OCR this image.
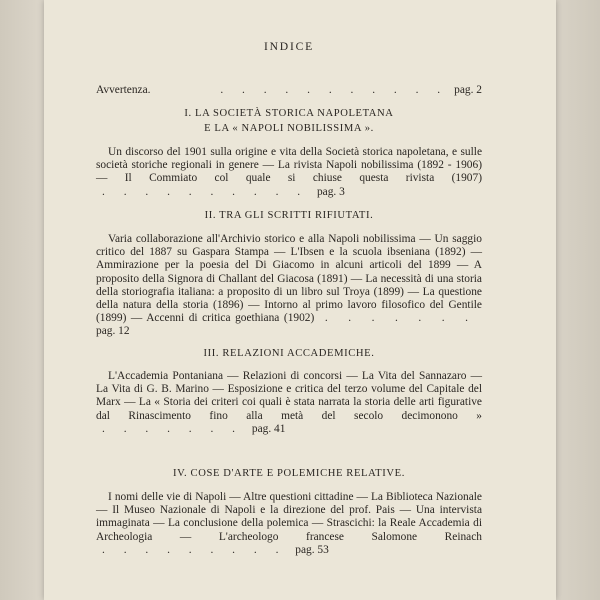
INDICE
Avvertenza.	. . . . . . . . . . . pag. 2
I. LA SOCIETÀ STORICA NAPOLETANA
E LA « NAPOLI NOBILISSIMA ».
Un discorso del 1901 sulla origine e vita della Società storica napoletana, e sulle società storiche regionali in genere — La rivista Napoli nobilissima (1892 - 1906) — Il Commiato col quale si chiuse questa rivista (1907) . . . . . . . . . . pag. 3
II. TRA GLI SCRITTI RIFIUTATI.
Varia collaborazione all'Archivio storico e alla Napoli nobilissima — Un saggio critico del 1887 su Gaspara Stampa — L'Ibsen e la scuola ibseniana (1892) — Ammirazione per la poesia del Di Giacomo in alcuni articoli del 1899 — A proposito della Signora di Challant del Giacosa (1891) — La necessità di una storia della storiografia italiana: a proposito di un libro sul Troya (1899) — La questione della natura della storia (1896) — Intorno al primo lavoro filosofico del Gentile (1899) — Accenni di critica goethiana (1902) . . . . . . . pag. 12
III. RELAZIONI ACCADEMICHE.
L'Accademia Pontaniana — Relazioni di concorsi — La Vita del Sannazaro — La Vita di G. B. Marino — Esposizione e critica del terzo volume del Capitale del Marx — La « Storia dei criteri coi quali è stata narrata la storia delle arti figurative dal Rinascimento fino alla metà del secolo decimonono » . . . . . . . pag. 41
IV. COSE D'ARTE E POLEMICHE RELATIVE.
I nomi delle vie di Napoli — Altre questioni cittadine — La Biblioteca Nazionale — Il Museo Nazionale di Napoli e la direzione del prof. Pais — Una intervista immaginata — La conclusione della polemica — Strascichi: la Reale Accademia di Archeologia — L'archeologo francese Salomone Reinach . . . . . . . . . pag. 53
